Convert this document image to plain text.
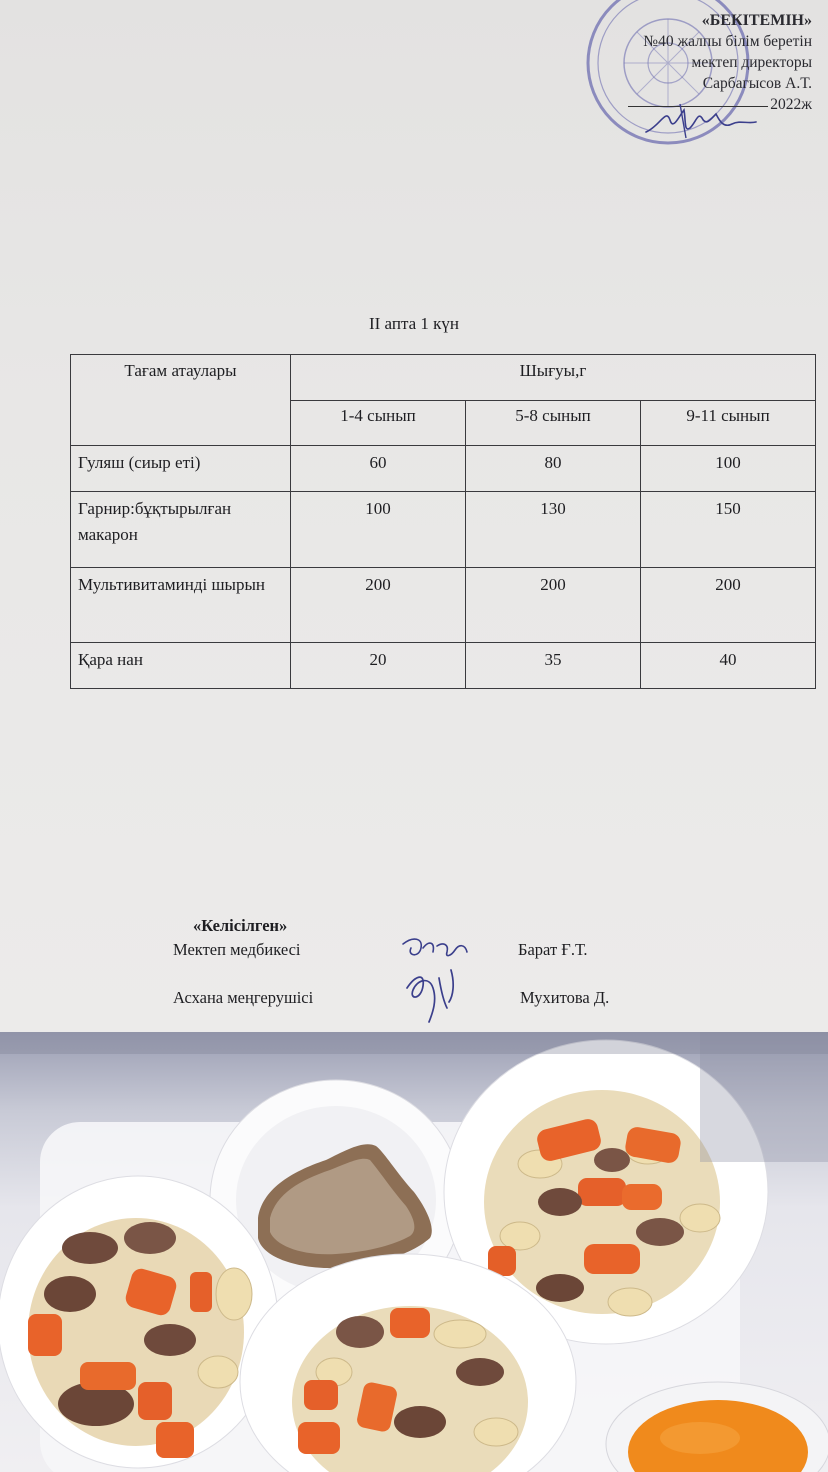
«БЕКІТЕМІН»
№40 жалпы білім беретін
мектеп директоры
Сарбагысов А.Т.
2022ж
ІІ апта 1 күн
Тағам атаулары	Шығуы,г		
	1-4 сынып	5-8 сынып	9-11 сынып
Гуляш (сиыр еті)	60	80	100
Гарнир:бұқтырылған макарон	100	130	150
Мультивитаминді шырын	200	200	200
Қара нан	20	35	40
«Келісілген»
Мектеп медбикесі	Барат Ғ.Т.
Асхана меңгерушісі	Мухитова Д.
